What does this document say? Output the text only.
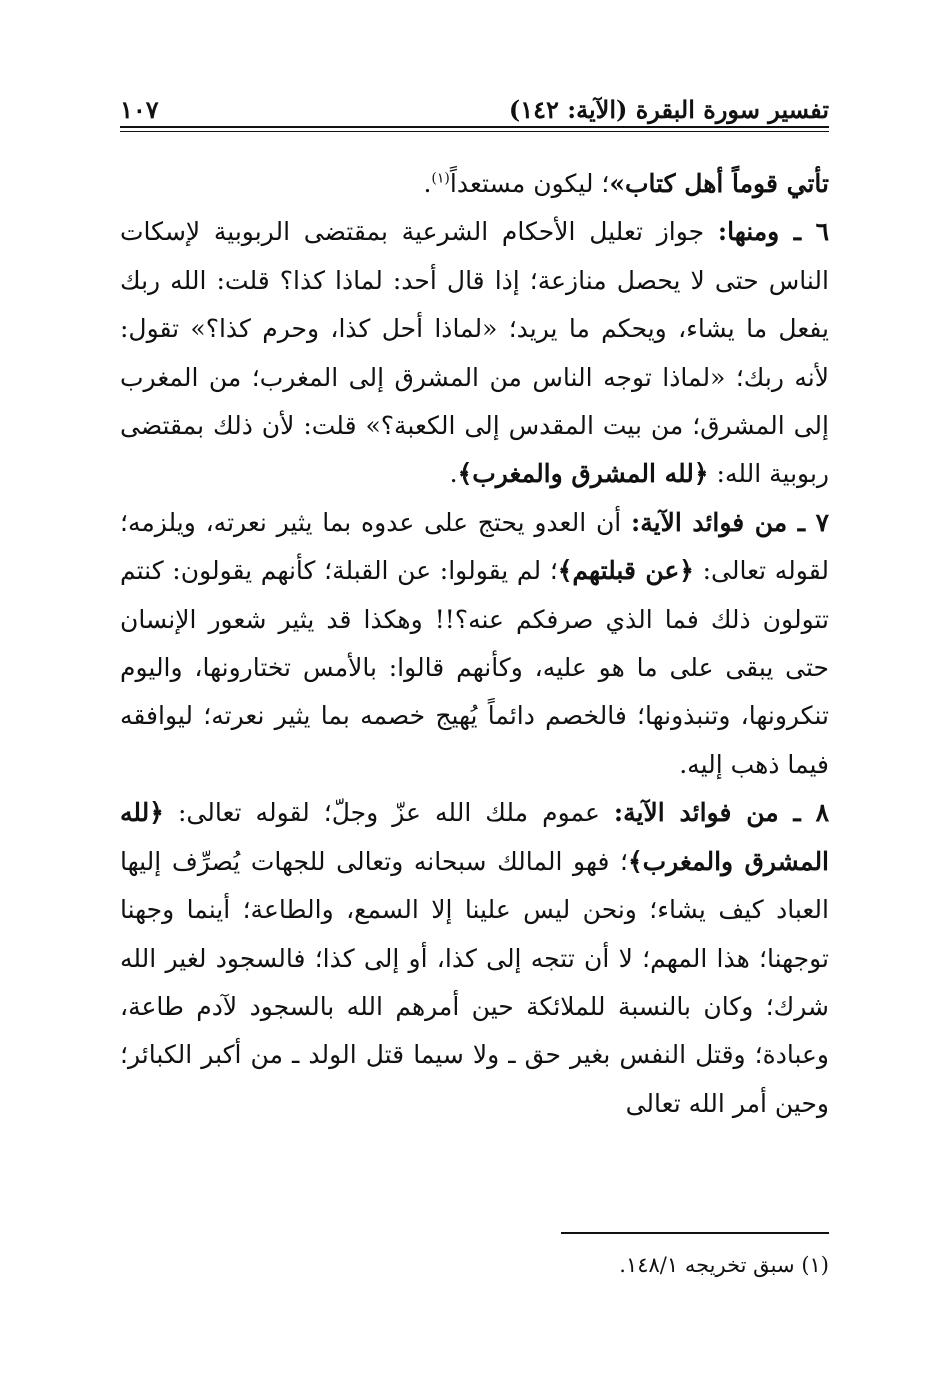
تفسير سورة البقرة (الآية: ١٤٢)
١٠٧

تأتي قوماً أهل كتاب»؛ ليكون مستعداً$^{(١)}$.

٦ ـ ومنها: جواز تعليل الأحكام الشرعية بمقتضى الربوبية لإسكات الناس حتى لا يحصل منازعة؛ إذا قال أحد: لماذا كذا؟ قلت: الله ربك يفعل ما يشاء، ويحكم ما يريد؛ «لماذا أحل كذا، وحرم كذا؟» تقول: لأنه ربك؛ «لماذا توجه الناس من المشرق إلى المغرب؛ من المغرب إلى المشرق؛ من بيت المقدس إلى الكعبة؟» قلت: لأن ذلك بمقتضى ربوبية الله: ﴿لله المشرق والمغرب﴾.

٧ ـ من فوائد الآية: أن العدو يحتج على عدوه بما يثير نعرته، ويلزمه؛ لقوله تعالى: ﴿عن قبلتهم﴾؛ لم يقولوا: عن القبلة؛ كأنهم يقولون: كنتم تتولون ذلك فما الذي صرفكم عنه؟!! وهكذا قد يثير شعور الإنسان حتى يبقى على ما هو عليه، وكأنهم قالوا: بالأمس تختارونها، واليوم تنكرونها، وتنبذونها؛ فالخصم دائماً يُهيج خصمه بما يثير نعرته؛ ليوافقه فيما ذهب إليه.

٨ ـ من فوائد الآية: عموم ملك الله عزّ وجلّ؛ لقوله تعالى: ﴿لله المشرق والمغرب﴾؛ فهو المالك سبحانه وتعالى للجهات يُصرِّف إليها العباد كيف يشاء؛ ونحن ليس علينا إلا السمع، والطاعة؛ أينما وجهنا توجهنا؛ هذا المهم؛ لا أن تتجه إلى كذا، أو إلى كذا؛ فالسجود لغير الله شرك؛ وكان بالنسبة للملائكة حين أمرهم الله بالسجود لآدم طاعة، وعبادة؛ وقتل النفس بغير حق ـ ولا سيما قتل الولد ـ من أكبر الكبائر؛ وحين أمر الله تعالى

(١) سبق تخريجه ١٤٨/١.
